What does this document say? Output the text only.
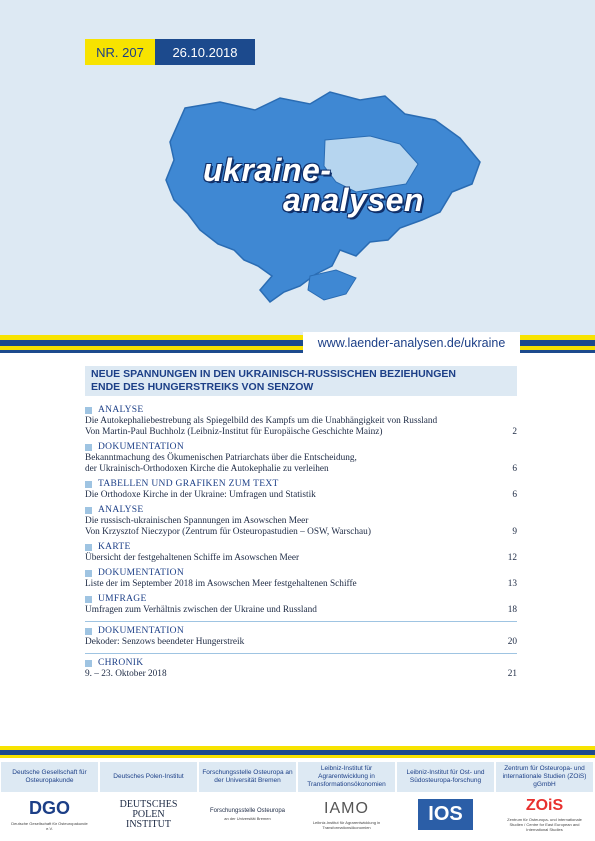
NR. 207	26.10.2018
ukraine-
analysen
www.laender-analysen.de/ukraine
NEUE SPANNUNGEN IN DEN UKRAINISCH-RUSSISCHEN BEZIEHUNGEN
ENDE DES HUNGERSTREIKS VON SENZOW
ANALYSE
Die Autokephaliebestrebung als Spiegelbild des Kampfs um die Unabhängigkeit von Russland
Von Martin-Paul Buchholz (Leibniz-Institut für Europäische Geschichte Mainz)	2
DOKUMENTATION
Bekanntmachung des Ökumenischen Patriarchats über die Entscheidung,
der Ukrainisch-Orthodoxen Kirche die Autokephalie zu verleihen	6
TABELLEN UND GRAFIKEN ZUM TEXT
Die Orthodoxe Kirche in der Ukraine: Umfragen und Statistik	6
ANALYSE
Die russisch-ukrainischen Spannungen im Asowschen Meer
Von Krzysztof Nieczypor (Zentrum für Osteuropastudien – OSW, Warschau)	9
KARTE
Übersicht der festgehaltenen Schiffe im Asowschen Meer	12
DOKUMENTATION
Liste der im September 2018 im Asowschen Meer festgehaltenen Schiffe	13
UMFRAGE
Umfragen zum Verhältnis zwischen der Ukraine und Russland	18
DOKUMENTATION
Dekoder: Senzows beendeter Hungerstreik	20
CHRONIK
9. – 23. Oktober 2018	21
Deutsche Gesellschaft für Osteuropakunde
DGO
Deutsche Gesellschaft für Osteuropakunde e.V.
Deutsches Polen-Institut
DEUTSCHES POLEN INSTITUT
Forschungsstelle Osteuropa an der Universität Bremen
Forschungsstelle Osteuropa
an der Universität Bremen
Leibniz-Institut für Agrarentwicklung in Transformationsökonomien
IAMO
Leibniz-Institut für Agrarentwicklung in Transformationsökonomien
Leibniz-Institut für Ost- und Südosteuropa-forschung
IOS
Zentrum für Osteuropa- und internationale Studien (ZOiS) gGmbH
ZOiS
Zentrum für Osteuropa- und internationale Studien / Centre for East European and International Studies
